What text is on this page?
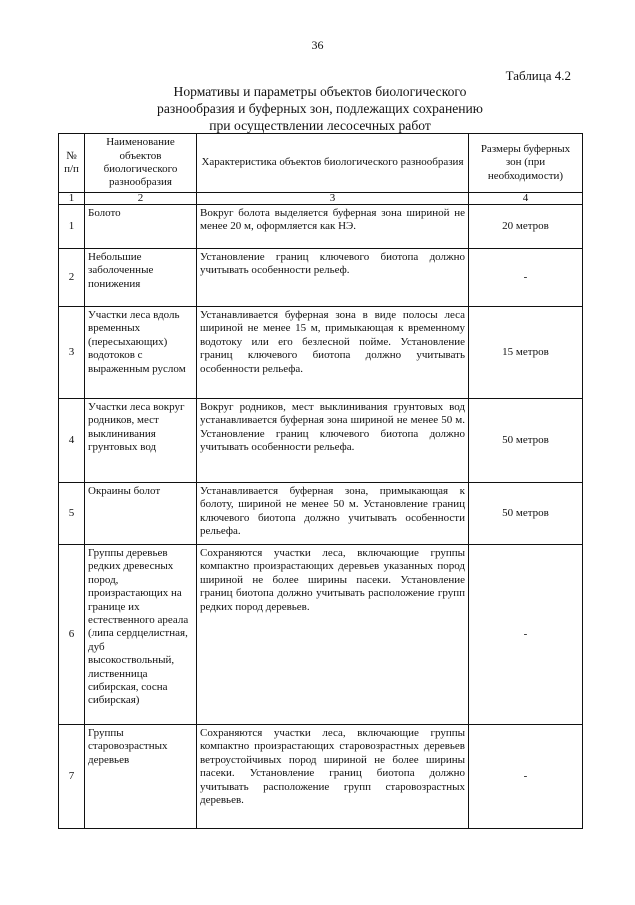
36
Таблица 4.2
Нормативы и параметры объектов биологического
разнообразия и буферных зон, подлежащих сохранению
при осуществлении лесосечных работ
№ п/п	Наименование объектов биологического разнообразия	Характеристика объектов биологического разнообразия	Размеры буферных зон (при необходимости)
1	2	3	4
1	Болото	Вокруг болота выделяется буферная зона шириной не менее 20 м, оформляется как НЭ.	20 метров
2	Небольшие заболоченные понижения	Установление границ ключевого биотопа должно учитывать особенности рельеф.	-
3	Участки леса вдоль временных (пересыхающих) водотоков с выраженным руслом	Устанавливается буферная зона в виде полосы леса шириной не менее 15 м, примыкающая к временному водотоку или его безлесной пойме. Установление границ ключевого биотопа должно учитывать особенности рельефа.	15 метров
4	Участки леса вокруг родников, мест выклинивания грунтовых вод	Вокруг родников, мест выклинивания грунтовых вод устанавливается буферная зона шириной не менее 50 м. Установление границ ключевого биотопа должно учитывать особенности рельефа.	50 метров
5	Окраины болот	Устанавливается буферная зона, примыкающая к болоту, шириной не менее 50 м. Установление границ ключевого биотопа должно учитывать особенности рельефа.	50 метров
6	Группы деревьев редких древесных пород, произрастающих на границе их естественного ареала (липа сердцелистная, дуб высокоствольный, лиственница сибирская, сосна сибирская)	Сохраняются участки леса, включающие группы компактно произрастающих деревьев указанных пород шириной не более ширины пасеки. Установление границ биотопа должно учитывать расположение групп редких пород деревьев.	-
7	Группы старовозрастных деревьев	Сохраняются участки леса, включающие группы компактно произрастающих старовозрастных деревьев ветроустойчивых пород шириной не более ширины пасеки. Установление границ биотопа должно учитывать расположение групп старовозрастных деревьев.	-
